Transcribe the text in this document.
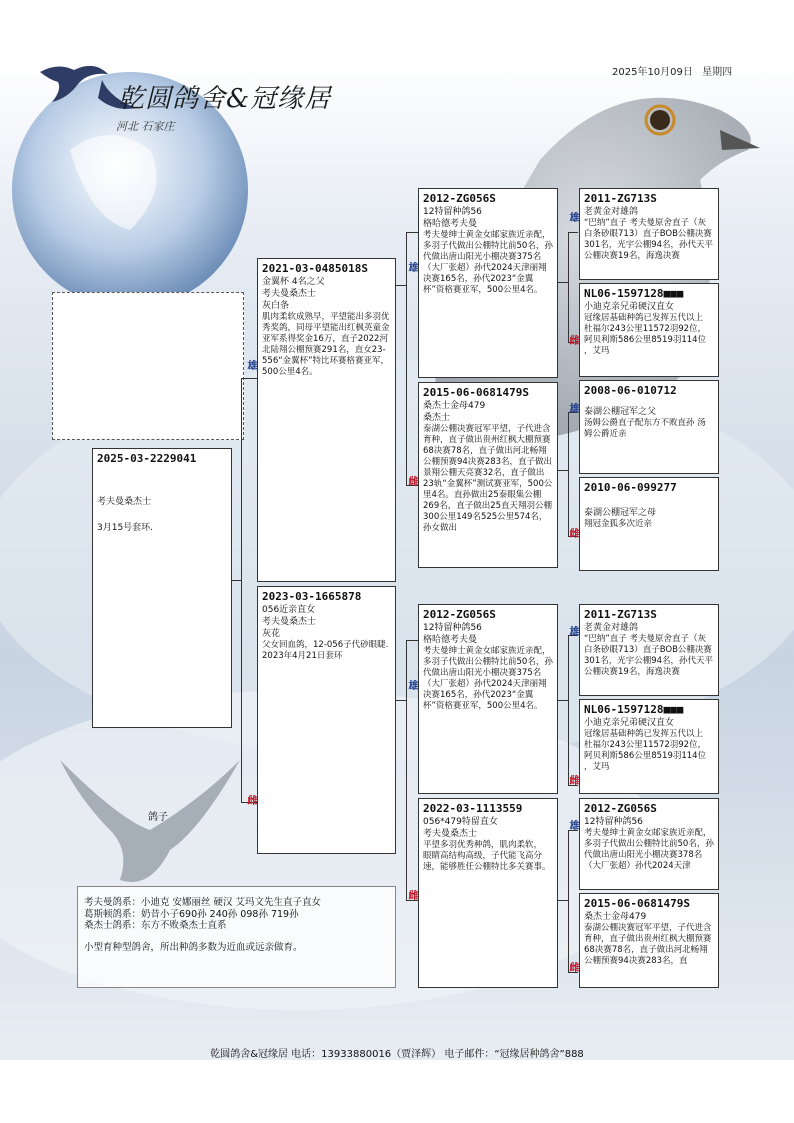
乾圆鸽舍&冠缘居
河北 石家庄
2025年10月09日 星期四
2025-03-2229041
考夫曼桑杰士
3月15号套环.
雄
2021-03-0485018S
金翼杯 4名之父
考夫曼桑杰士
灰白条
肌肉柔软成熟早，平望能出多羽优秀奖鸽，同母平望能出红枫英童金亚军系得奖金16万，直子2022河北陆翔公棚预赛291名，直女23-556“金翼杯”特比环赛格赛亚军，500公里4名。
雌
2023-03-1665878
056近亲直女
考夫曼桑杰士
灰花
父女回血鸽，12-056子代砂眼睫.
2023年4月21日套环
雄
2012-ZG056S
12特留种鸽56
格哈德考夫曼
考夫曼绅士黄金女邮家族近亲配，多羽子代做出公棚特比前50名，孙代做出唐山阳光小棚决赛375名（大厂张超）孙代2024天津丽翔决赛165名，孙代2023“金翼杯”资格赛亚军，500公里4名。
雌
2015-06-0681479S
桑杰士金母479
桑杰士
泰湖公棚决赛冠军平望，子代进含育种，直子做出贵州红枫大棚预赛68决赛78名，直子做出河北畅翔公棚预赛94决赛283名，直子做出景翔公棚天亮赛32名，直子做出23轨“金翼杯”测试赛亚军，500公里4名。直孙做出25泰眼集公棚269名，直子做出25直天翔羽公棚300公里149名525公里574名，孙女做出
雄
2012-ZG056S
12特留种鸽56
格哈德考夫曼
考夫曼绅士黄金女邮家族近亲配，多羽子代做出公棚特比前50名，孙代做出唐山阳光小棚决赛375名（大厂张超）孙代2024天津丽翔决赛165名，孙代2023“金翼杯”资格赛亚军，500公里4名。
雌
2022-03-1113559
056*479特留直女
考夫曼桑杰士
平望多羽优秀种鸽，肌肉柔软， 眼睛高结构高级，子代能飞高分速，能够胜任公棚特比多关赛事。
雄
2011-ZG713S
老黄金对雄鸽
“巴纳”直子 考夫曼原舍直子（灰白条砂眼713）直子BOB公棚决赛301名，光宇公棚94名，孙代天平公棚决赛19名，海逸决赛
雌
NL06-1597128■■■
小迪克亲兄弟硬汉直女
冠缘居基础种鸽已发挥五代以上 杜福尔243公里11572羽92位，阿贝利斯586公里8519羽114位 ，艾玛
雄
2008-06-010712
泰湖公棚冠军之父
汤姆公爵直子配东方不败直孙 汤姆公爵近亲
雌
2010-06-099277
泰湖公棚冠军之母
翔冠金狐多次近亲
雄
2011-ZG713S
老黄金对雄鸽
“巴纳”直子 考夫曼原舍直子（灰白条砂眼713）直子BOB公棚决赛301名，光宇公棚94名，孙代天平公棚决赛19名，海逸决赛
雌
NL06-1597128■■■
小迪克亲兄弟硬汉直女
冠缘居基础种鸽已发挥五代以上 杜福尔243公里11572羽92位，阿贝利斯586公里8519羽114位 ，艾玛
雄
2012-ZG056S
12特留种鸽56
考夫曼绅士黄金女邮家族近亲配，多羽子代做出公棚特比前50名，孙代做出唐山阳光小棚决赛378名（大厂张超）孙代2024天津
雌
2015-06-0681479S
桑杰士金母479
泰湖公棚决赛冠军平望，子代进含育种，直子做出贵州红枫大棚预赛68决赛78名，直子做出河北畅翔公棚预赛94决赛283名，直
鸽子
考夫曼鸽系：小迪克 安娜丽丝 硬汉 艾玛文先生直子直女
葛斯顿鸽系：奶昔小子690孙 240孙 098孙 719孙
桑杰士鸽系：东方不败桑杰士直系
小型育种型鸽舍，所出种鸽多数为近血或远亲做育。
乾圆鸽舍&冠缘居 电话：13933880016（贾泽辉） 电子邮件：“冠缘居种鸽舍”888
